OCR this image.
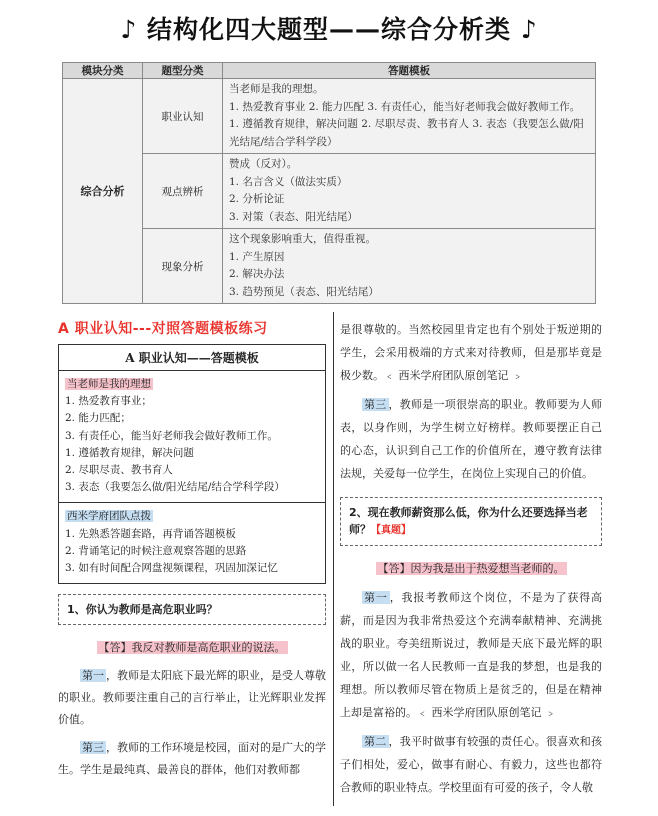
♪ 结构化四大题型——综合分析类 ♪
模块分类	题型分类	答题模板
综合分析	职业认知	当老师是我的理想。
1. 热爱教育事业 2. 能力匹配 3. 有责任心，能当好老师我会做好教师工作。
1. 遵循教育规律，解决问题 2. 尽职尽责、教书育人 3. 表态（我要怎么做/阳光结尾/结合学科学段）

	观点辨析	赞成（反对）。
1. 名言含义（做法实质）
2. 分析论证
3. 对策（表态、阳光结尾）

	现象分析	这个现象影响重大，值得重视。
1. 产生原因
2. 解决办法
3. 趋势预见（表态、阳光结尾）
A 职业认知---对照答题模板练习
A 职业认知——答题模板
当老师是我的理想
1. 热爱教育事业；
2. 能力匹配；
3. 有责任心，能当好老师我会做好教师工作。
1. 遵循教育规律，解决问题
2. 尽职尽责、教书育人
3. 表态（我要怎么做/阳光结尾/结合学科学段）
西米学府团队点拨
1. 先熟悉答题套路，再背诵答题模板
2. 背诵笔记的时候注意观察答题的思路
3. 如有时间配合网盘视频课程，巩固加深记忆
1、你认为教师是高危职业吗？
【答】我反对教师是高危职业的说法。

第一 ，教师是太阳底下最光辉的职业，是受人尊敬的职业。教师要注重自己的言行举止，让光辉职业发挥价值。

第三 ，教师的工作环境是校园，面对的是广大的学生。学生是最纯真、最善良的群体，他们对教师都

是很尊敬的。当然校园里肯定也有个别处于叛逆期的学生，会采用极端的方式来对待教师，但是那毕竟是极少数。﹤ 西米学府团队原创笔记 ﹥

第三 ，教师是一项很崇高的职业。教师要为人师表，以身作则，为学生树立好榜样。教师要摆正自己的心态，认识到自己工作的价值所在，遵守教育法律法规，关爱每一位学生，在岗位上实现自己的价值。

2、现在教师薪资那么低，你为什么还要选择当老师？【真题】
【答】因为我是出于热爱想当老师的。

第一 ，我报考教师这个岗位，不是为了获得高薪，而是因为我非常热爱这个充满奉献精神、充满挑战的职业。夸美纽斯说过，教师是天底下最光辉的职业，所以做一名人民教师一直是我的梦想，也是我的理想。所以教师尽管在物质上是贫乏的，但是在精神上却是富裕的。﹤ 西米学府团队原创笔记 ﹥

第二 ，我平时做事有较强的责任心。很喜欢和孩子们相处，爱心，做事有耐心、有毅力，这些也都符合教师的职业特点。学校里面有可爱的孩子，令人敬
